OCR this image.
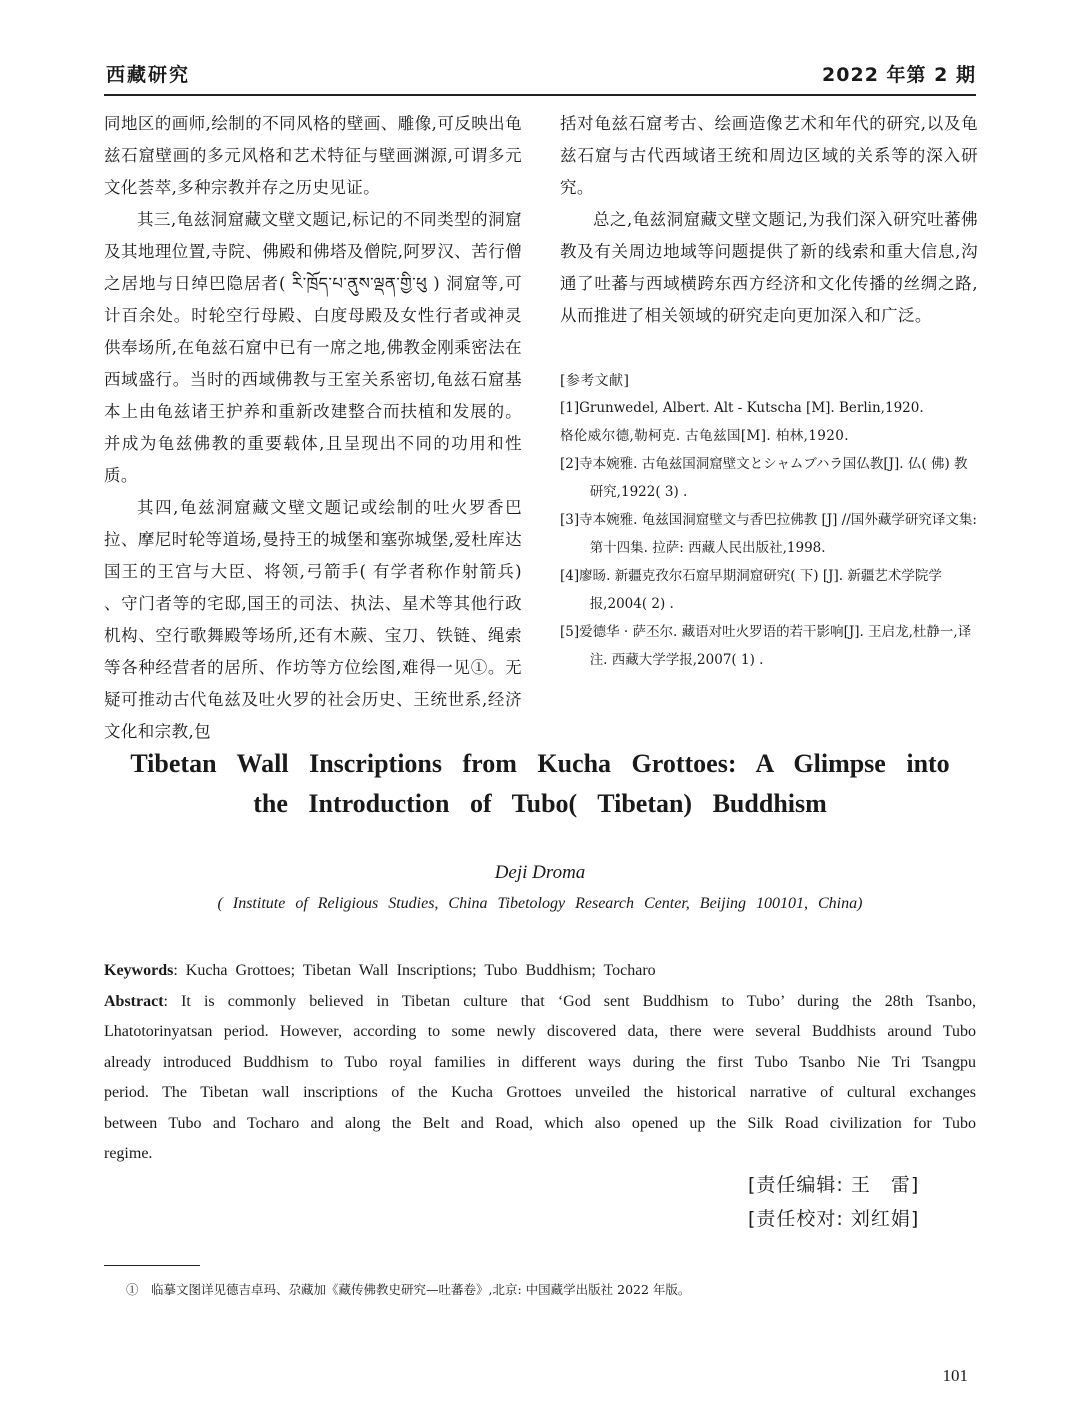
西藏研究	2022 年第 2 期

同地区的画师,绘制的不同风格的壁画、雕像,可反映出龟兹石窟壁画的多元风格和艺术特征与壁画渊源,可谓多元文化荟萃,多种宗教并存之历史见证。

其三,龟兹洞窟藏文壁文题记,标记的不同类型的洞窟及其地理位置,寺院、佛殿和佛塔及僧院,阿罗汉、苦行僧之居地与日绰巴隐居者( རི་ཁྲོད་པ་ནུས་ལྡན་གྱི་ཕུ ) 洞窟等,可计百余处。时轮空行母殿、白度母殿及女性行者或神灵供奉场所,在龟兹石窟中已有一席之地,佛教金刚乘密法在西域盛行。当时的西域佛教与王室关系密切,龟兹石窟基本上由龟兹诸王护养和重新改建整合而扶植和发展的。并成为龟兹佛教的重要载体,且呈现出不同的功用和性质。

其四,龟兹洞窟藏文壁文题记或绘制的吐火罗香巴拉、摩尼时轮等道场,曼持王的城堡和塞弥城堡,爱杜库达国王的王宫与大臣、将领,弓箭手( 有学者称作射箭兵) 、守门者等的宅邸,国王的司法、执法、星术等其他行政机构、空行歌舞殿等场所,还有木蕨、宝刀、铁链、绳索等各种经营者的居所、作坊等方位绘图,难得一见①。无疑可推动古代龟兹及吐火罗的社会历史、王统世系,经济文化和宗教,包

括对龟兹石窟考古、绘画造像艺术和年代的研究,以及龟兹石窟与古代西域诸王统和周边区域的关系等的深入研究。

总之,龟兹洞窟藏文壁文题记,为我们深入研究吐蕃佛教及有关周边地域等问题提供了新的线索和重大信息,沟通了吐蕃与西域横跨东西方经济和文化传播的丝绸之路,从而推进了相关领域的研究走向更加深入和广泛。

[参考文献]

[1]Grunwedel, Albert. Alt - Kutscha [M]. Berlin,1920.

格伦威尔德,勒柯克. 古龟兹国[M]. 柏林,1920.

[2]寺本婉雅. 古龟兹国洞窟壁文とシャムブハラ国仏教[J]. 仏( 佛) 教研究,1922( 3) .
[3]寺本婉雅. 龟兹国洞窟壁文与香巴拉佛教 [J] //国外藏学研究译文集: 第十四集. 拉萨: 西藏人民出版社,1998.
[4]廖旸. 新疆克孜尔石窟早期洞窟研究( 下) [J]. 新疆艺术学院学报,2004( 2) .
[5]爱德华 · 萨丕尔. 藏语对吐火罗语的若干影响[J]. 王启龙,杜静一,译注. 西藏大学学报,2007( 1) .
Tibetan Wall Inscriptions from Kucha Grottoes: A Glimpse into
the Introduction of Tubo( Tibetan) Buddhism
Deji Droma
( Institute of Religious Studies, China Tibetology Research Center, Beijing 100101, China)

Keywords: Kucha Grottoes; Tibetan Wall Inscriptions; Tubo Buddhism; Tocharo

Abstract: It is commonly believed in Tibetan culture that ‘God sent Buddhism to Tubo’ during the 28th Tsanbo, Lhatotorinyatsan period. However, according to some newly discovered data, there were several Buddhists around Tubo already introduced Buddhism to Tubo royal families in different ways during the first Tubo Tsanbo Nie Tri Tsangpu period. The Tibetan wall inscriptions of the Kucha Grottoes unveiled the historical narrative of cultural exchanges between Tubo and Tocharo and along the Belt and Road, which also opened up the Silk Road civilization for Tubo regime.

[责任编辑: 王　雷]
[责任校对: 刘红娟]
①　临摹文图详见德吉卓玛、尕藏加《藏传佛教史研究—吐蕃卷》,北京: 中国藏学出版社 2022 年版。
101
